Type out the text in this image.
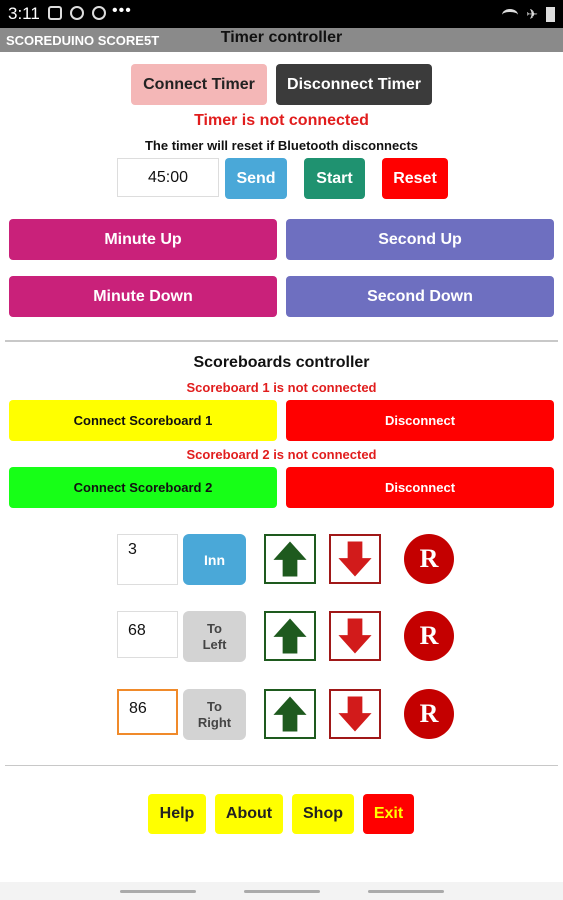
3:11	•••	✈
SCOREDUINO SCORE5T	Timer controller
Connect Timer	Disconnect Timer
Timer is not connected
The timer will reset if Bluetooth disconnects
45:00	Send	Start	Reset
Minute Up	Second Up
Minute Down	Second Down
Scoreboards controller
Scoreboard 1 is not connected
Connect Scoreboard 1	Disconnect
Scoreboard 2 is not connected
Connect Scoreboard 2	Disconnect
3
Inn	R
68	To Left	R
86	To Right	R
Help	About	Shop	Exit
